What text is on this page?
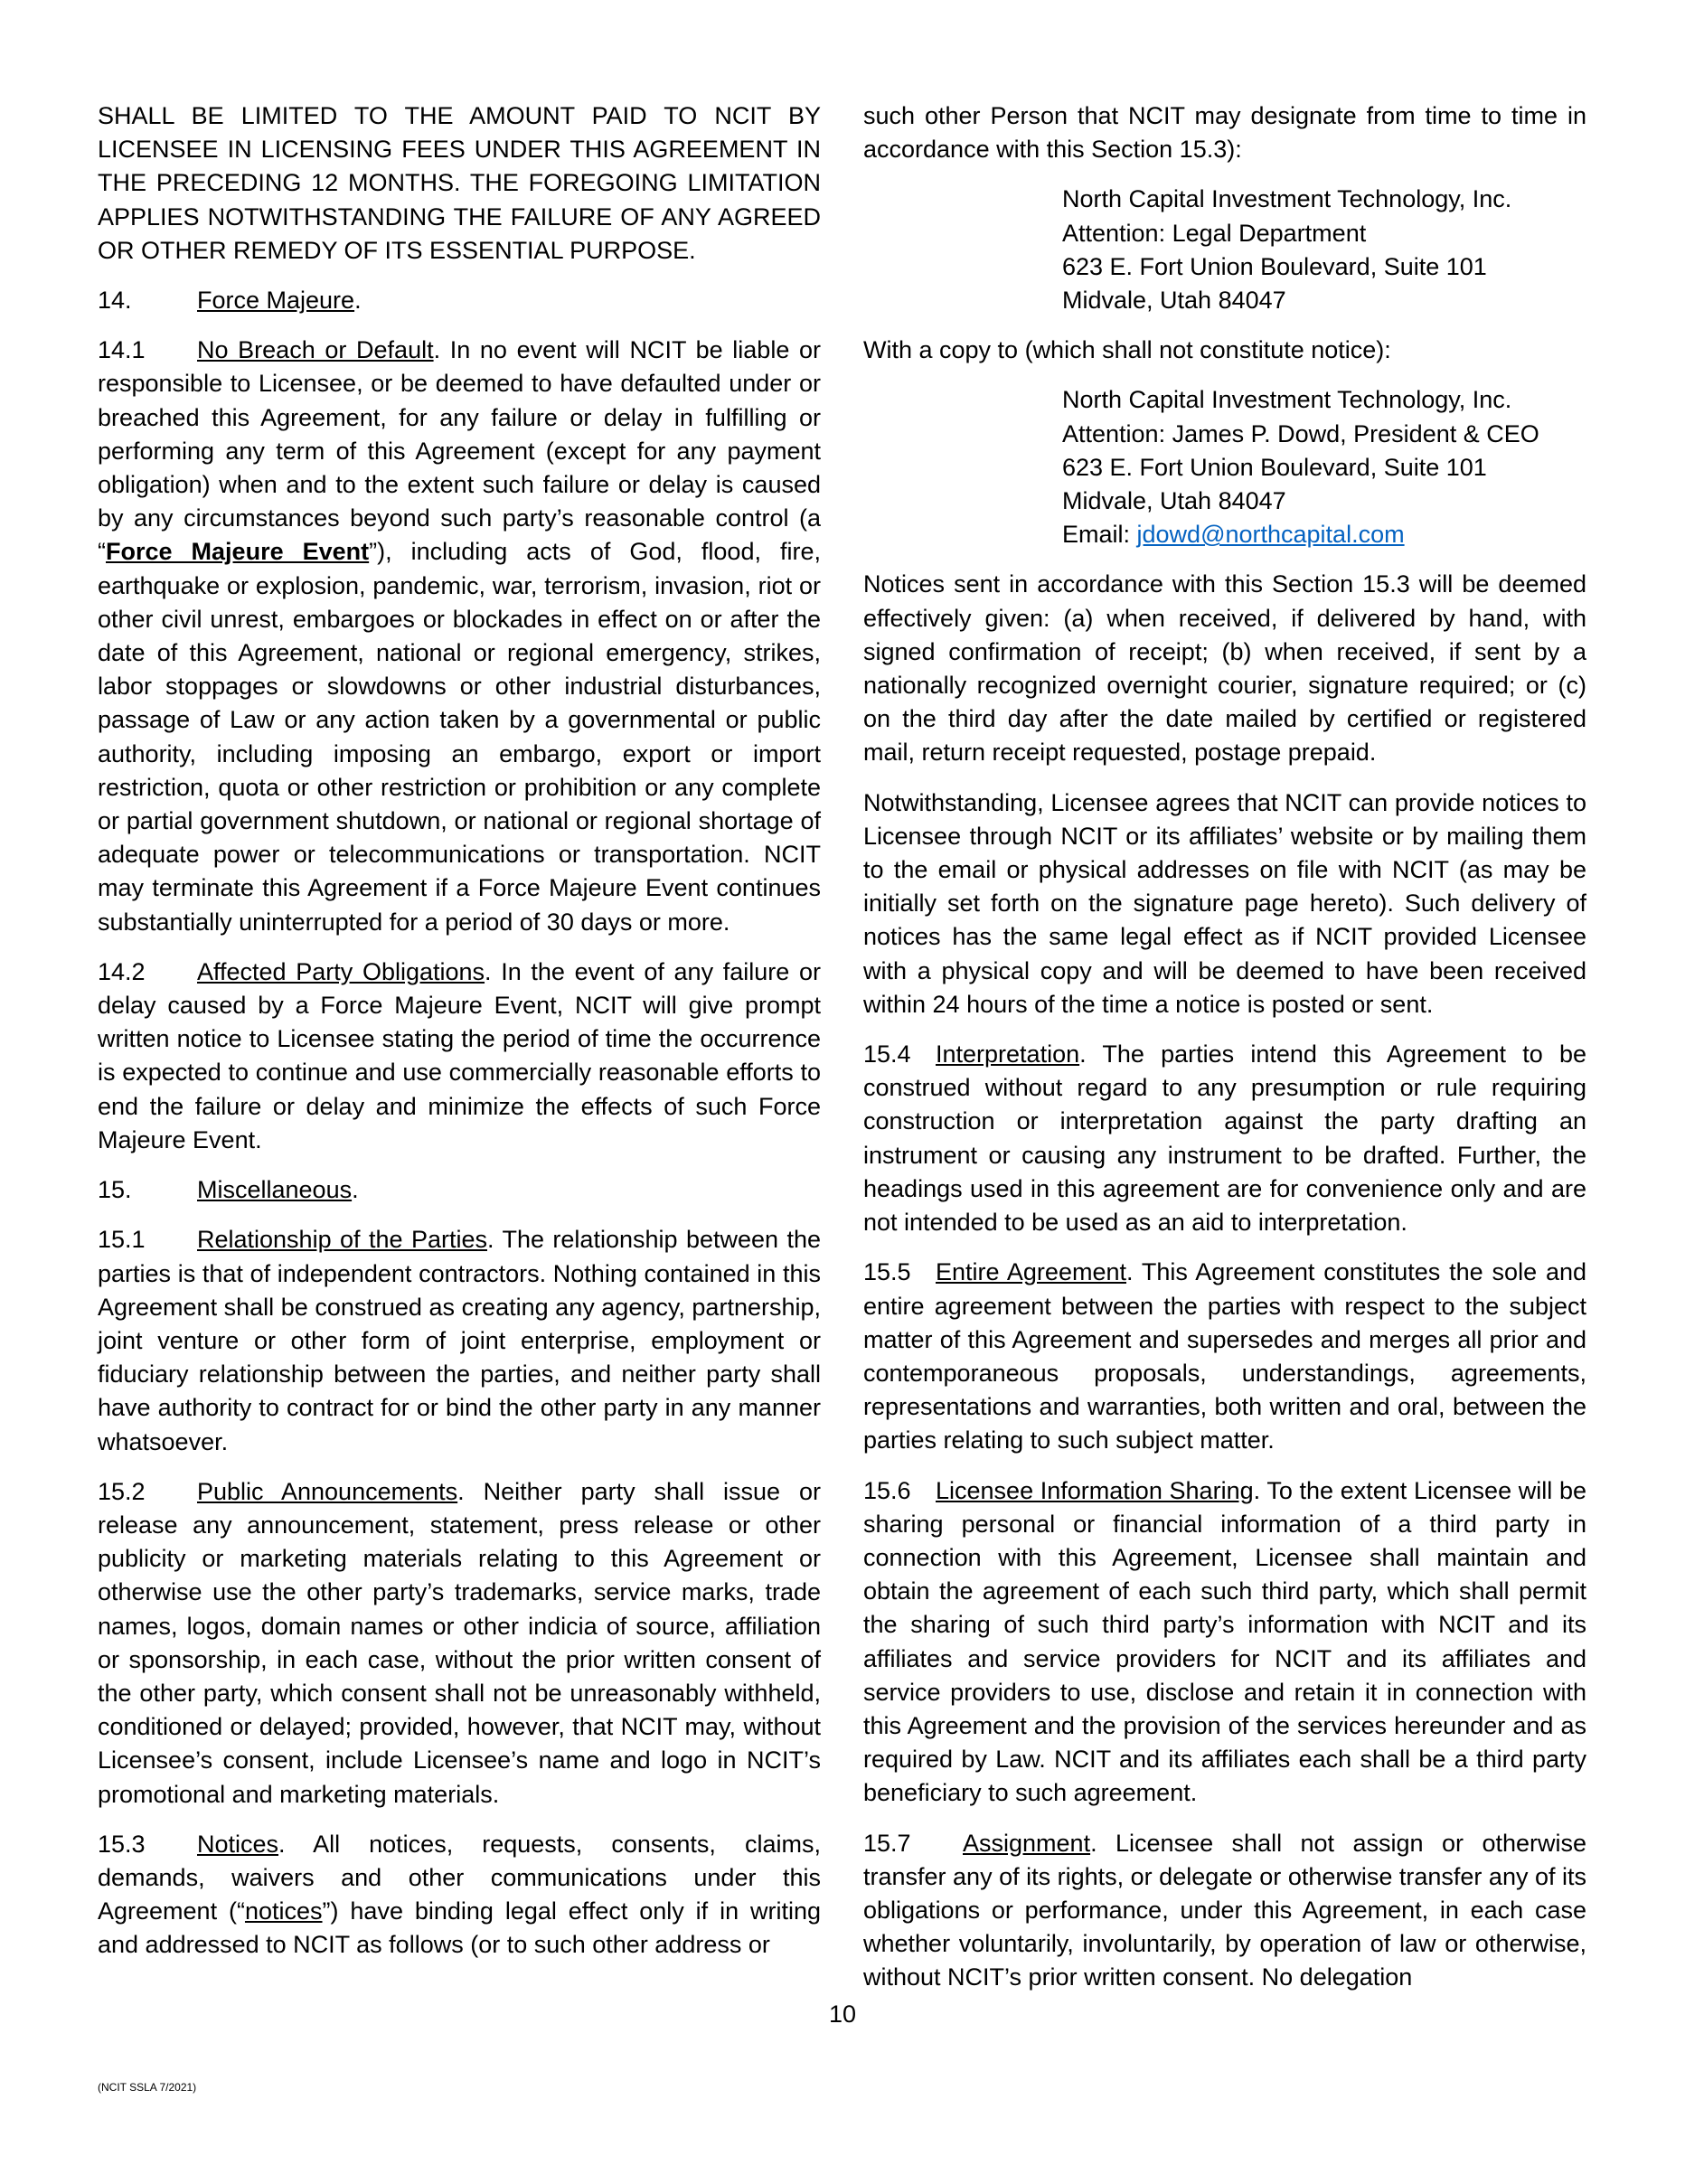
SHALL BE LIMITED TO THE AMOUNT PAID TO NCIT BY LICENSEE IN LICENSING FEES UNDER THIS AGREEMENT IN THE PRECEDING 12 MONTHS. THE FOREGOING LIMITATION APPLIES NOTWITHSTANDING THE FAILURE OF ANY AGREED OR OTHER REMEDY OF ITS ESSENTIAL PURPOSE.

14.	Force Majeure.

14.1 No Breach or Default. In no event will NCIT be liable or responsible to Licensee, or be deemed to have defaulted under or breached this Agreement, for any failure or delay in fulfilling or performing any term of this Agreement (except for any payment obligation) when and to the extent such failure or delay is caused by any circumstances beyond such party’s reasonable control (a “Force Majeure Event”), including acts of God, flood, fire, earthquake or explosion, pandemic, war, terrorism, invasion, riot or other civil unrest, embargoes or blockades in effect on or after the date of this Agreement, national or regional emergency, strikes, labor stoppages or slowdowns or other industrial disturbances, passage of Law or any action taken by a governmental or public authority, including imposing an embargo, export or import restriction, quota or other restriction or prohibition or any complete or partial government shutdown, or national or regional shortage of adequate power or telecommunications or transportation. NCIT may terminate this Agreement if a Force Majeure Event continues substantially uninterrupted for a period of 30 days or more.

14.2 Affected Party Obligations. In the event of any failure or delay caused by a Force Majeure Event, NCIT will give prompt written notice to Licensee stating the period of time the occurrence is expected to continue and use commercially reasonable efforts to end the failure or delay and minimize the effects of such Force Majeure Event.

15.	Miscellaneous.

15.1 Relationship of the Parties. The relationship between the parties is that of independent contractors. Nothing contained in this Agreement shall be construed as creating any agency, partnership, joint venture or other form of joint enterprise, employment or fiduciary relationship between the parties, and neither party shall have authority to contract for or bind the other party in any manner whatsoever.

15.2 Public Announcements. Neither party shall issue or release any announcement, statement, press release or other publicity or marketing materials relating to this Agreement or otherwise use the other party’s trademarks, service marks, trade names, logos, domain names or other indicia of source, affiliation or sponsorship, in each case, without the prior written consent of the other party, which consent shall not be unreasonably withheld, conditioned or delayed; provided, however, that NCIT may, without Licensee’s consent, include Licensee’s name and logo in NCIT’s promotional and marketing materials.

15.3 Notices. All notices, requests, consents, claims, demands, waivers and other communications under this Agreement (“notices”) have binding legal effect only if in writing and addressed to NCIT as follows (or to such other address or

such other Person that NCIT may designate from time to time in accordance with this Section 15.3):

North Capital Investment Technology, Inc.
Attention: Legal Department
623 E. Fort Union Boulevard, Suite 101
Midvale, Utah 84047

With a copy to (which shall not constitute notice):

North Capital Investment Technology, Inc.
Attention: James P. Dowd, President & CEO
623 E. Fort Union Boulevard, Suite 101
Midvale, Utah 84047
Email: jdowd@northcapital.com

Notices sent in accordance with this Section 15.3 will be deemed effectively given: (a) when received, if delivered by hand, with signed confirmation of receipt; (b) when received, if sent by a nationally recognized overnight courier, signature required; or (c) on the third day after the date mailed by certified or registered mail, return receipt requested, postage prepaid.

Notwithstanding, Licensee agrees that NCIT can provide notices to Licensee through NCIT or its affiliates’ website or by mailing them to the email or physical addresses on file with NCIT (as may be initially set forth on the signature page hereto). Such delivery of notices has the same legal effect as if NCIT provided Licensee with a physical copy and will be deemed to have been received within 24 hours of the time a notice is posted or sent.

15.4 Interpretation. The parties intend this Agreement to be construed without regard to any presumption or rule requiring construction or interpretation against the party drafting an instrument or causing any instrument to be drafted. Further, the headings used in this agreement are for convenience only and are not intended to be used as an aid to interpretation.

15.5 Entire Agreement. This Agreement constitutes the sole and entire agreement between the parties with respect to the subject matter of this Agreement and supersedes and merges all prior and contemporaneous proposals, understandings, agreements, representations and warranties, both written and oral, between the parties relating to such subject matter.

15.6 Licensee Information Sharing. To the extent Licensee will be sharing personal or financial information of a third party in connection with this Agreement, Licensee shall maintain and obtain the agreement of each such third party, which shall permit the sharing of such third party’s information with NCIT and its affiliates and service providers for NCIT and its affiliates and service providers to use, disclose and retain it in connection with this Agreement and the provision of the services hereunder and as required by Law. NCIT and its affiliates each shall be a third party beneficiary to such agreement.

15.7 Assignment. Licensee shall not assign or otherwise transfer any of its rights, or delegate or otherwise transfer any of its obligations or performance, under this Agreement, in each case whether voluntarily, involuntarily, by operation of law or otherwise, without NCIT’s prior written consent. No delegation

10
(NCIT SSLA 7/2021)
